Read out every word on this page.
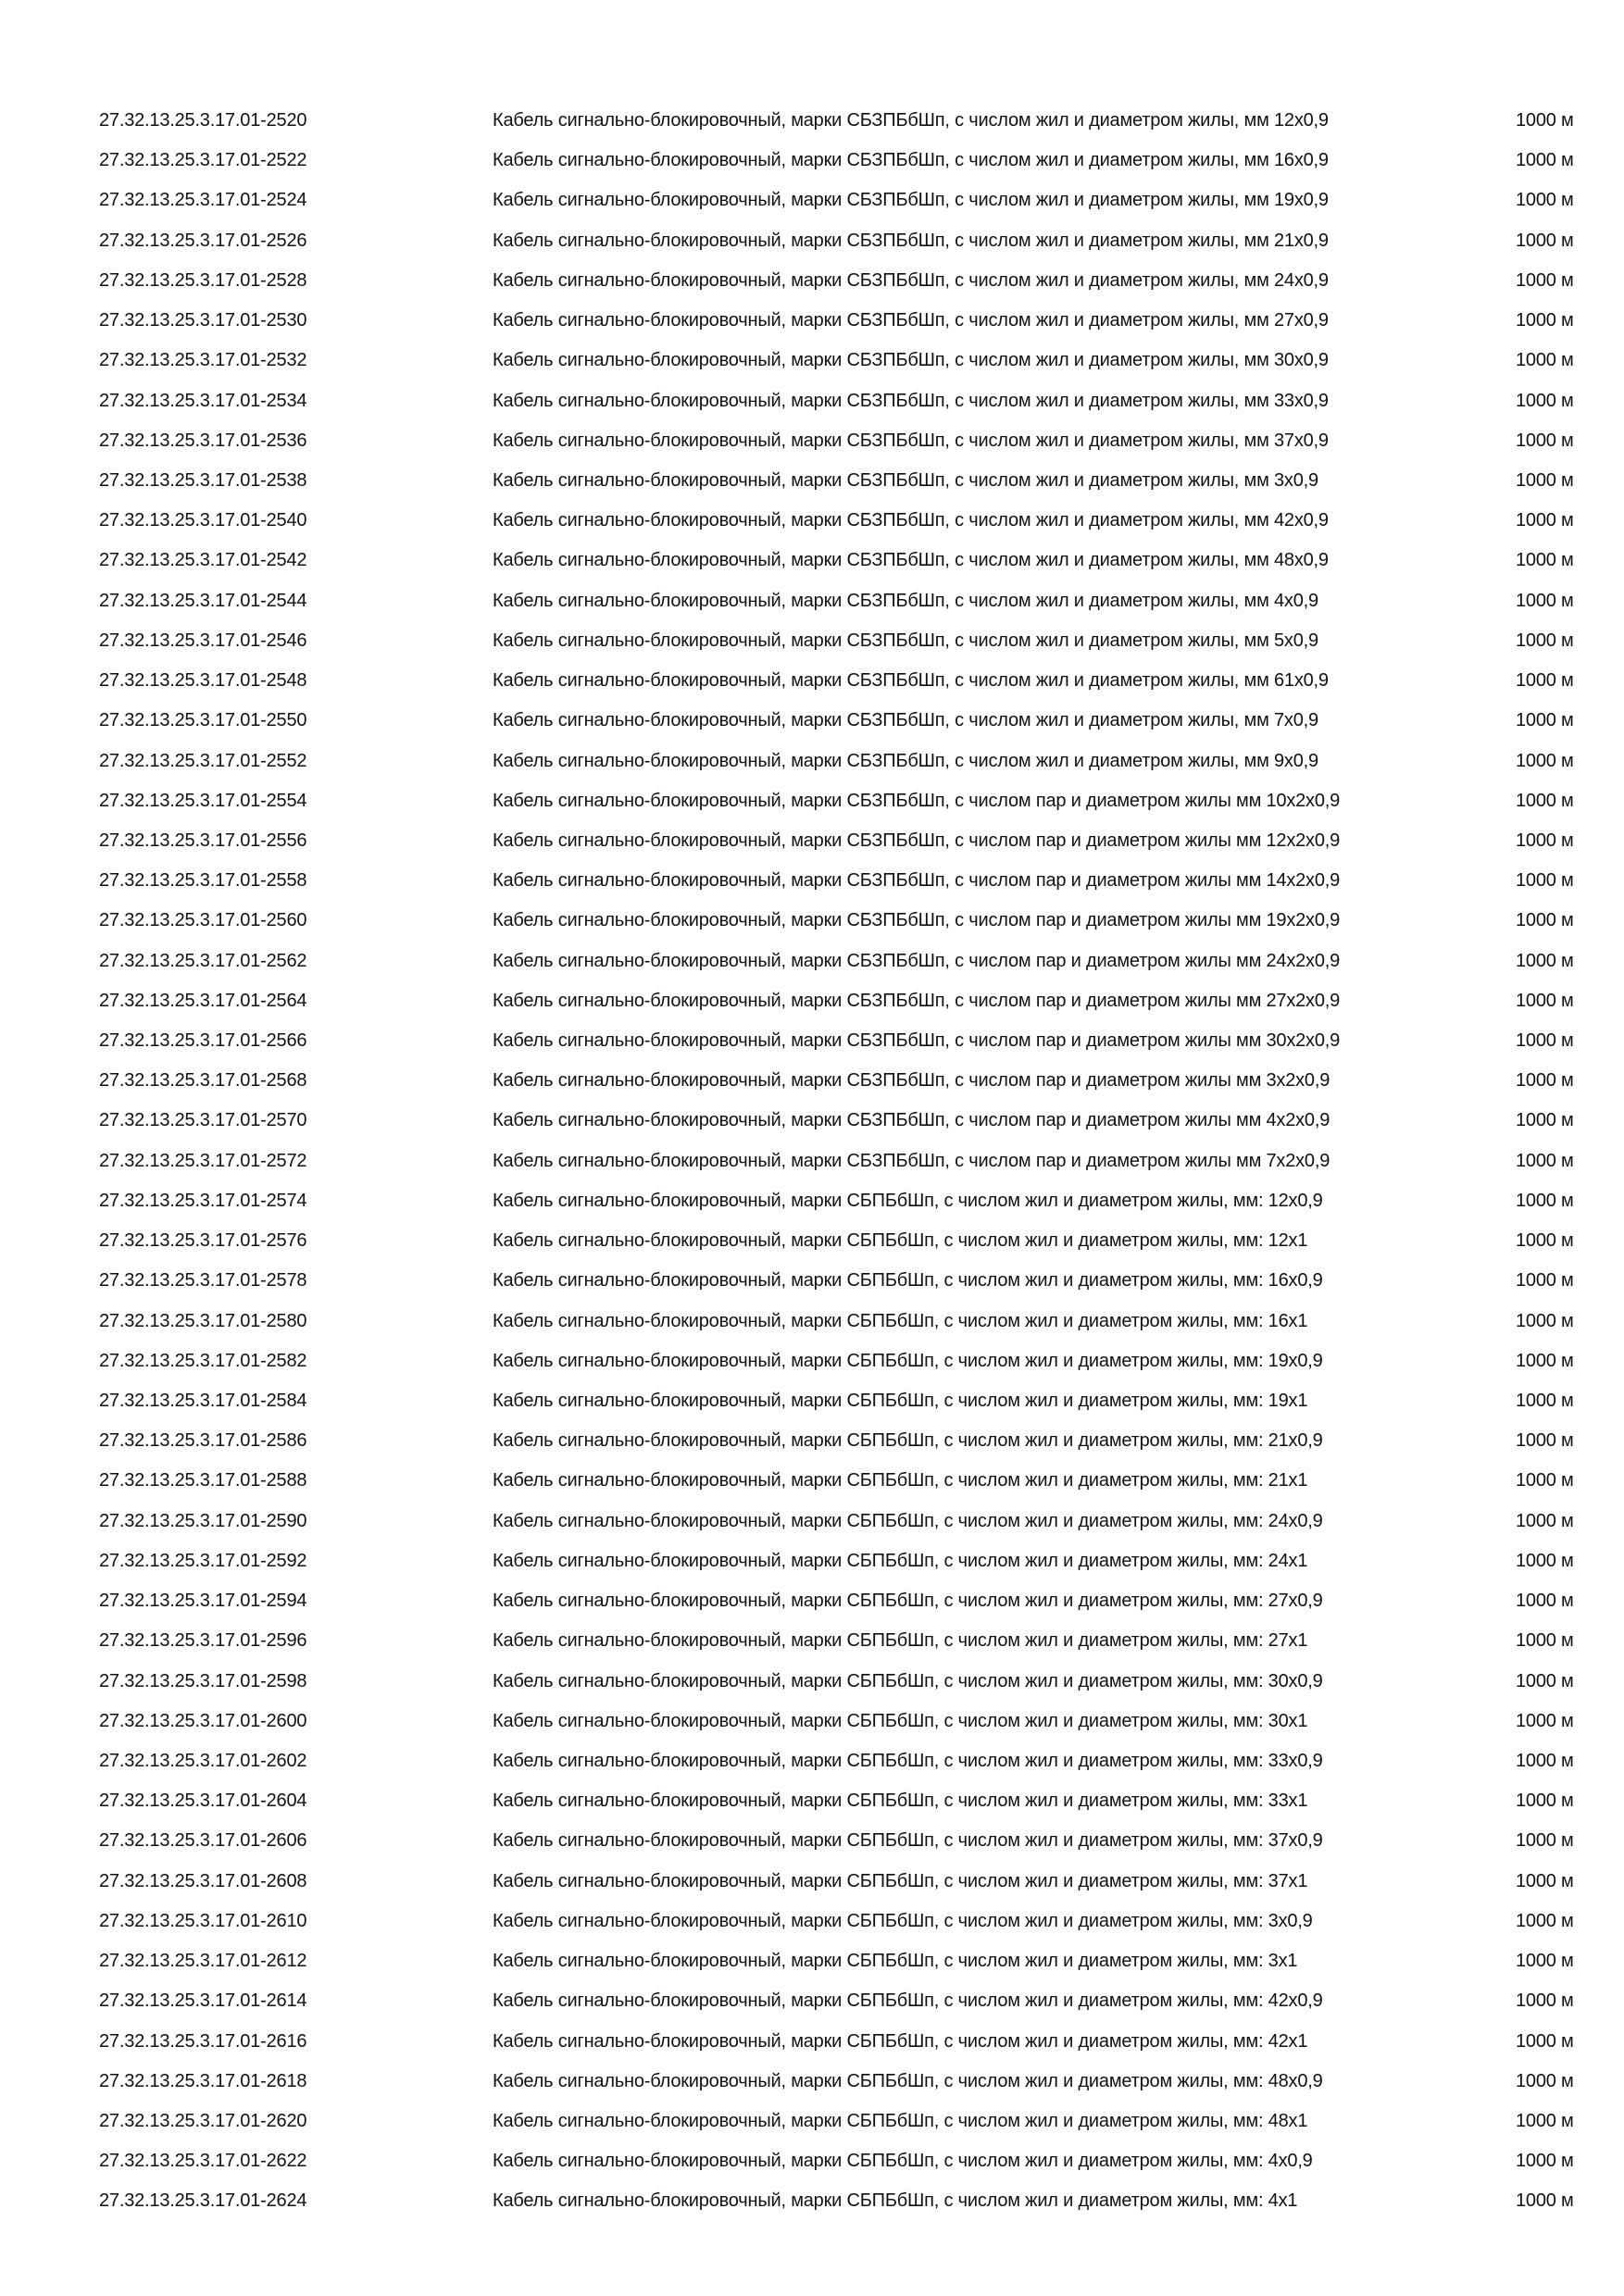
27.32.13.25.3.17.01-2520	Кабель сигнально-блокировочный, марки СБЗПБбШп, с числом жил и диаметром жилы, мм 12х0,9	1000 м
27.32.13.25.3.17.01-2522	Кабель сигнально-блокировочный, марки СБЗПБбШп, с числом жил и диаметром жилы, мм 16х0,9	1000 м
27.32.13.25.3.17.01-2524	Кабель сигнально-блокировочный, марки СБЗПБбШп, с числом жил и диаметром жилы, мм 19х0,9	1000 м
27.32.13.25.3.17.01-2526	Кабель сигнально-блокировочный, марки СБЗПБбШп, с числом жил и диаметром жилы, мм 21х0,9	1000 м
27.32.13.25.3.17.01-2528	Кабель сигнально-блокировочный, марки СБЗПБбШп, с числом жил и диаметром жилы, мм 24х0,9	1000 м
27.32.13.25.3.17.01-2530	Кабель сигнально-блокировочный, марки СБЗПБбШп, с числом жил и диаметром жилы, мм 27х0,9	1000 м
27.32.13.25.3.17.01-2532	Кабель сигнально-блокировочный, марки СБЗПБбШп, с числом жил и диаметром жилы, мм 30х0,9	1000 м
27.32.13.25.3.17.01-2534	Кабель сигнально-блокировочный, марки СБЗПБбШп, с числом жил и диаметром жилы, мм 33х0,9	1000 м
27.32.13.25.3.17.01-2536	Кабель сигнально-блокировочный, марки СБЗПБбШп, с числом жил и диаметром жилы, мм 37х0,9	1000 м
27.32.13.25.3.17.01-2538	Кабель сигнально-блокировочный, марки СБЗПБбШп, с числом жил и диаметром жилы, мм 3х0,9	1000 м
27.32.13.25.3.17.01-2540	Кабель сигнально-блокировочный, марки СБЗПБбШп, с числом жил и диаметром жилы, мм 42х0,9	1000 м
27.32.13.25.3.17.01-2542	Кабель сигнально-блокировочный, марки СБЗПБбШп, с числом жил и диаметром жилы, мм 48х0,9	1000 м
27.32.13.25.3.17.01-2544	Кабель сигнально-блокировочный, марки СБЗПБбШп, с числом жил и диаметром жилы, мм 4х0,9	1000 м
27.32.13.25.3.17.01-2546	Кабель сигнально-блокировочный, марки СБЗПБбШп, с числом жил и диаметром жилы, мм 5х0,9	1000 м
27.32.13.25.3.17.01-2548	Кабель сигнально-блокировочный, марки СБЗПБбШп, с числом жил и диаметром жилы, мм 61х0,9	1000 м
27.32.13.25.3.17.01-2550	Кабель сигнально-блокировочный, марки СБЗПБбШп, с числом жил и диаметром жилы, мм 7х0,9	1000 м
27.32.13.25.3.17.01-2552	Кабель сигнально-блокировочный, марки СБЗПБбШп, с числом жил и диаметром жилы, мм 9х0,9	1000 м
27.32.13.25.3.17.01-2554	Кабель сигнально-блокировочный, марки СБЗПБбШп, с числом пар и диаметром жилы мм 10х2х0,9	1000 м
27.32.13.25.3.17.01-2556	Кабель сигнально-блокировочный, марки СБЗПБбШп, с числом пар и диаметром жилы мм 12х2х0,9	1000 м
27.32.13.25.3.17.01-2558	Кабель сигнально-блокировочный, марки СБЗПБбШп, с числом пар и диаметром жилы мм 14х2х0,9	1000 м
27.32.13.25.3.17.01-2560	Кабель сигнально-блокировочный, марки СБЗПБбШп, с числом пар и диаметром жилы мм 19х2х0,9	1000 м
27.32.13.25.3.17.01-2562	Кабель сигнально-блокировочный, марки СБЗПБбШп, с числом пар и диаметром жилы мм 24х2х0,9	1000 м
27.32.13.25.3.17.01-2564	Кабель сигнально-блокировочный, марки СБЗПБбШп, с числом пар и диаметром жилы мм 27х2х0,9	1000 м
27.32.13.25.3.17.01-2566	Кабель сигнально-блокировочный, марки СБЗПБбШп, с числом пар и диаметром жилы мм 30х2х0,9	1000 м
27.32.13.25.3.17.01-2568	Кабель сигнально-блокировочный, марки СБЗПБбШп, с числом пар и диаметром жилы мм 3х2х0,9	1000 м
27.32.13.25.3.17.01-2570	Кабель сигнально-блокировочный, марки СБЗПБбШп, с числом пар и диаметром жилы мм 4х2х0,9	1000 м
27.32.13.25.3.17.01-2572	Кабель сигнально-блокировочный, марки СБЗПБбШп, с числом пар и диаметром жилы мм 7х2х0,9	1000 м
27.32.13.25.3.17.01-2574	Кабель сигнально-блокировочный, марки СБПБбШп, с числом жил и диаметром жилы, мм: 12х0,9	1000 м
27.32.13.25.3.17.01-2576	Кабель сигнально-блокировочный, марки СБПБбШп, с числом жил и диаметром жилы, мм: 12х1	1000 м
27.32.13.25.3.17.01-2578	Кабель сигнально-блокировочный, марки СБПБбШп, с числом жил и диаметром жилы, мм: 16х0,9	1000 м
27.32.13.25.3.17.01-2580	Кабель сигнально-блокировочный, марки СБПБбШп, с числом жил и диаметром жилы, мм: 16х1	1000 м
27.32.13.25.3.17.01-2582	Кабель сигнально-блокировочный, марки СБПБбШп, с числом жил и диаметром жилы, мм: 19х0,9	1000 м
27.32.13.25.3.17.01-2584	Кабель сигнально-блокировочный, марки СБПБбШп, с числом жил и диаметром жилы, мм: 19х1	1000 м
27.32.13.25.3.17.01-2586	Кабель сигнально-блокировочный, марки СБПБбШп, с числом жил и диаметром жилы, мм: 21х0,9	1000 м
27.32.13.25.3.17.01-2588	Кабель сигнально-блокировочный, марки СБПБбШп, с числом жил и диаметром жилы, мм: 21х1	1000 м
27.32.13.25.3.17.01-2590	Кабель сигнально-блокировочный, марки СБПБбШп, с числом жил и диаметром жилы, мм: 24х0,9	1000 м
27.32.13.25.3.17.01-2592	Кабель сигнально-блокировочный, марки СБПБбШп, с числом жил и диаметром жилы, мм: 24х1	1000 м
27.32.13.25.3.17.01-2594	Кабель сигнально-блокировочный, марки СБПБбШп, с числом жил и диаметром жилы, мм: 27х0,9	1000 м
27.32.13.25.3.17.01-2596	Кабель сигнально-блокировочный, марки СБПБбШп, с числом жил и диаметром жилы, мм: 27х1	1000 м
27.32.13.25.3.17.01-2598	Кабель сигнально-блокировочный, марки СБПБбШп, с числом жил и диаметром жилы, мм: 30х0,9	1000 м
27.32.13.25.3.17.01-2600	Кабель сигнально-блокировочный, марки СБПБбШп, с числом жил и диаметром жилы, мм: 30х1	1000 м
27.32.13.25.3.17.01-2602	Кабель сигнально-блокировочный, марки СБПБбШп, с числом жил и диаметром жилы, мм: 33х0,9	1000 м
27.32.13.25.3.17.01-2604	Кабель сигнально-блокировочный, марки СБПБбШп, с числом жил и диаметром жилы, мм: 33х1	1000 м
27.32.13.25.3.17.01-2606	Кабель сигнально-блокировочный, марки СБПБбШп, с числом жил и диаметром жилы, мм: 37х0,9	1000 м
27.32.13.25.3.17.01-2608	Кабель сигнально-блокировочный, марки СБПБбШп, с числом жил и диаметром жилы, мм: 37х1	1000 м
27.32.13.25.3.17.01-2610	Кабель сигнально-блокировочный, марки СБПБбШп, с числом жил и диаметром жилы, мм: 3х0,9	1000 м
27.32.13.25.3.17.01-2612	Кабель сигнально-блокировочный, марки СБПБбШп, с числом жил и диаметром жилы, мм: 3х1	1000 м
27.32.13.25.3.17.01-2614	Кабель сигнально-блокировочный, марки СБПБбШп, с числом жил и диаметром жилы, мм: 42х0,9	1000 м
27.32.13.25.3.17.01-2616	Кабель сигнально-блокировочный, марки СБПБбШп, с числом жил и диаметром жилы, мм: 42х1	1000 м
27.32.13.25.3.17.01-2618	Кабель сигнально-блокировочный, марки СБПБбШп, с числом жил и диаметром жилы, мм: 48х0,9	1000 м
27.32.13.25.3.17.01-2620	Кабель сигнально-блокировочный, марки СБПБбШп, с числом жил и диаметром жилы, мм: 48х1	1000 м
27.32.13.25.3.17.01-2622	Кабель сигнально-блокировочный, марки СБПБбШп, с числом жил и диаметром жилы, мм: 4х0,9	1000 м
27.32.13.25.3.17.01-2624	Кабель сигнально-блокировочный, марки СБПБбШп, с числом жил и диаметром жилы, мм: 4х1	1000 м
